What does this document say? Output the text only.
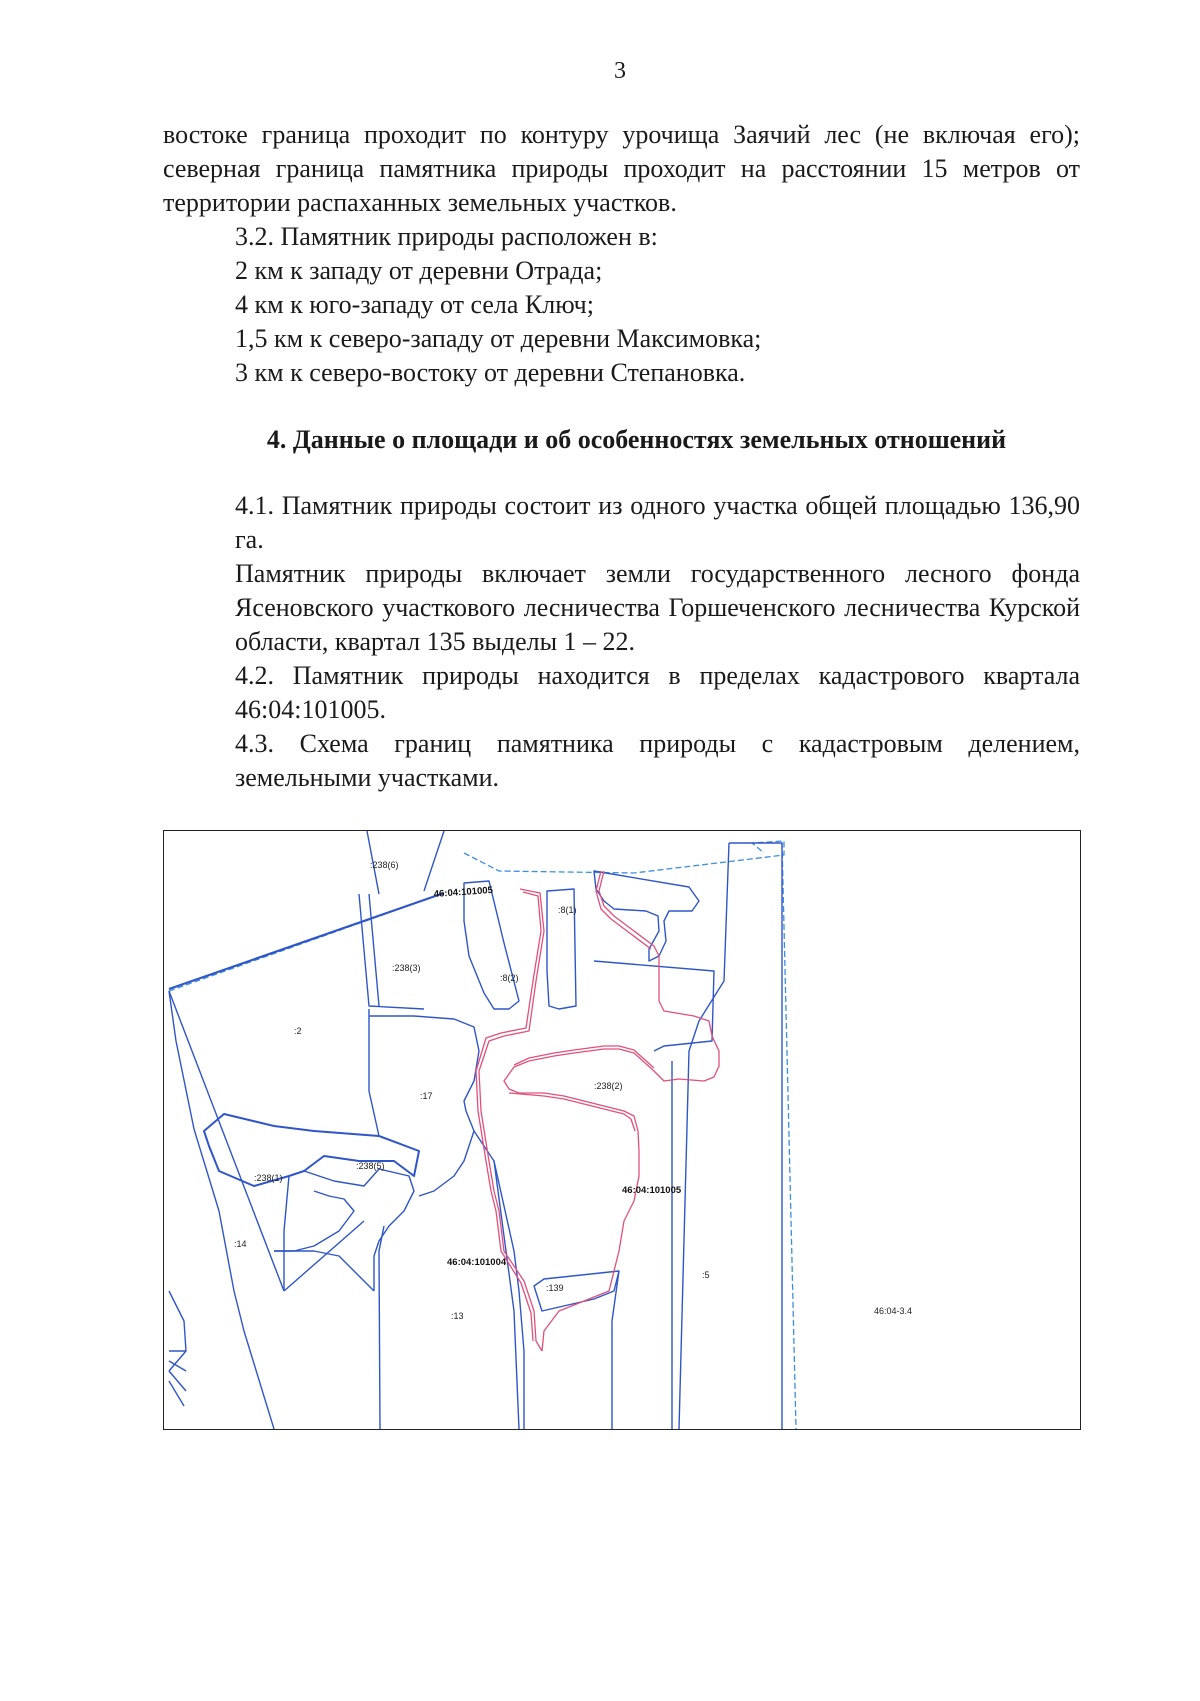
3

востоке граница проходит по контуру урочища Заячий лес (не включая его); северная граница памятника природы проходит на расстоянии 15 метров от территории распаханных земельных участков.

3.2. Памятник природы расположен в:

2 км к западу от деревни Отрада;

4 км к юго-западу от села Ключ;

1,5 км к северо-западу от деревни Максимовка;

3 км к северо-востоку от деревни Степановка.

4. Данные о площади и об особенностях земельных отношений

4.1. Памятник природы состоит из одного участка общей площадью 136,90 га.

Памятник природы включает земли государственного лесного фонда Ясеновского участкового лесничества Горшеченского лесничества Курской области, квартал 135 выделы 1 – 22.

4.2. Памятник природы находится в пределах кадастрового квартала 46:04:101005.

4.3. Схема границ памятника природы с кадастровым делением, земельными участками.

:238(6)
:238(3)
:8(2)
:8(1)
:2
:17
:238(2)
:238(1)
:238(5)
:14
:13
:139
:5
46:04-3.4
46:04:101005
46:04:101005
46:04:101004
